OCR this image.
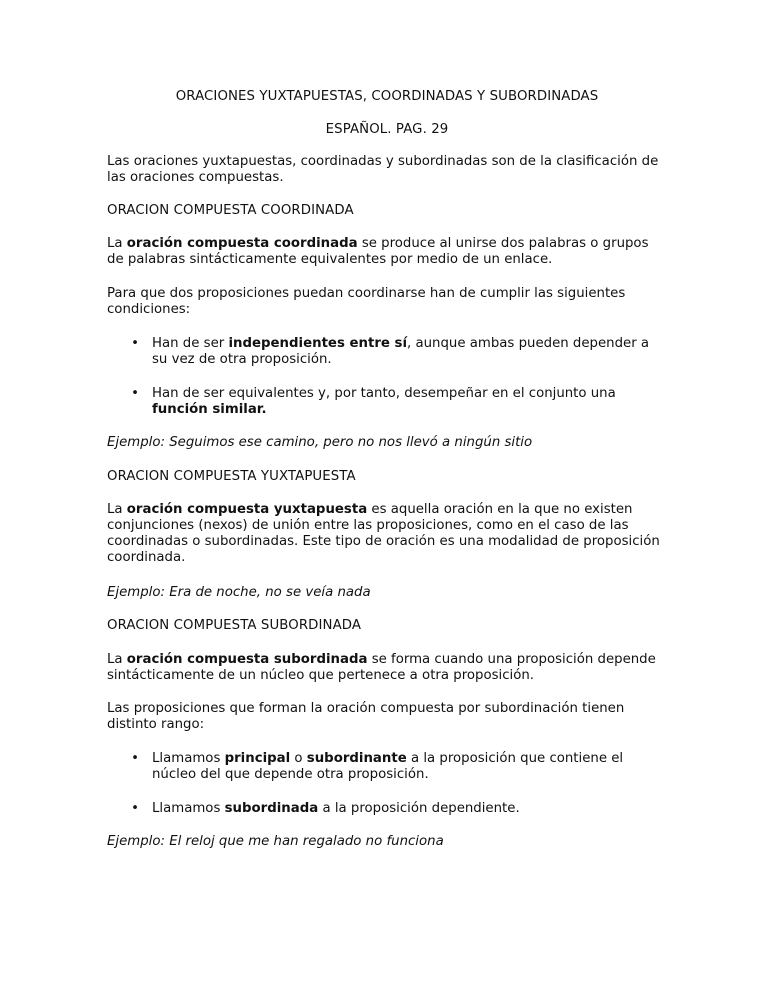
ORACIONES YUXTAPUESTAS, COORDINADAS Y SUBORDINADAS

ESPAÑOL. PAG. 29

Las oraciones yuxtapuestas, coordinadas y subordinadas son de la clasificación de las oraciones compuestas.

ORACION COMPUESTA COORDINADA

La oración compuesta coordinada se produce al unirse dos palabras o grupos de palabras sintácticamente equivalentes por medio de un enlace.

Para que dos proposiciones puedan coordinarse han de cumplir las siguientes condiciones:

• Han de ser independientes entre sí, aunque ambas pueden depender a su vez de otra proposición.
• Han de ser equivalentes y, por tanto, desempeñar en el conjunto una función similar.

Ejemplo: Seguimos ese camino, pero no nos llevó a ningún sitio

ORACION COMPUESTA YUXTAPUESTA

La oración compuesta yuxtapuesta es aquella oración en la que no existen conjunciones (nexos) de unión entre las proposiciones, como en el caso de las coordinadas o subordinadas. Este tipo de oración es una modalidad de proposición coordinada.

Ejemplo: Era de noche, no se veía nada

ORACION COMPUESTA SUBORDINADA

La oración compuesta subordinada se forma cuando una proposición depende sintácticamente de un núcleo que pertenece a otra proposición.

Las proposiciones que forman la oración compuesta por subordinación tienen distinto rango:

• Llamamos principal o subordinante a la proposición que contiene el núcleo del que depende otra proposición.
• Llamamos subordinada a la proposición dependiente.

Ejemplo: El reloj que me han regalado no funciona
